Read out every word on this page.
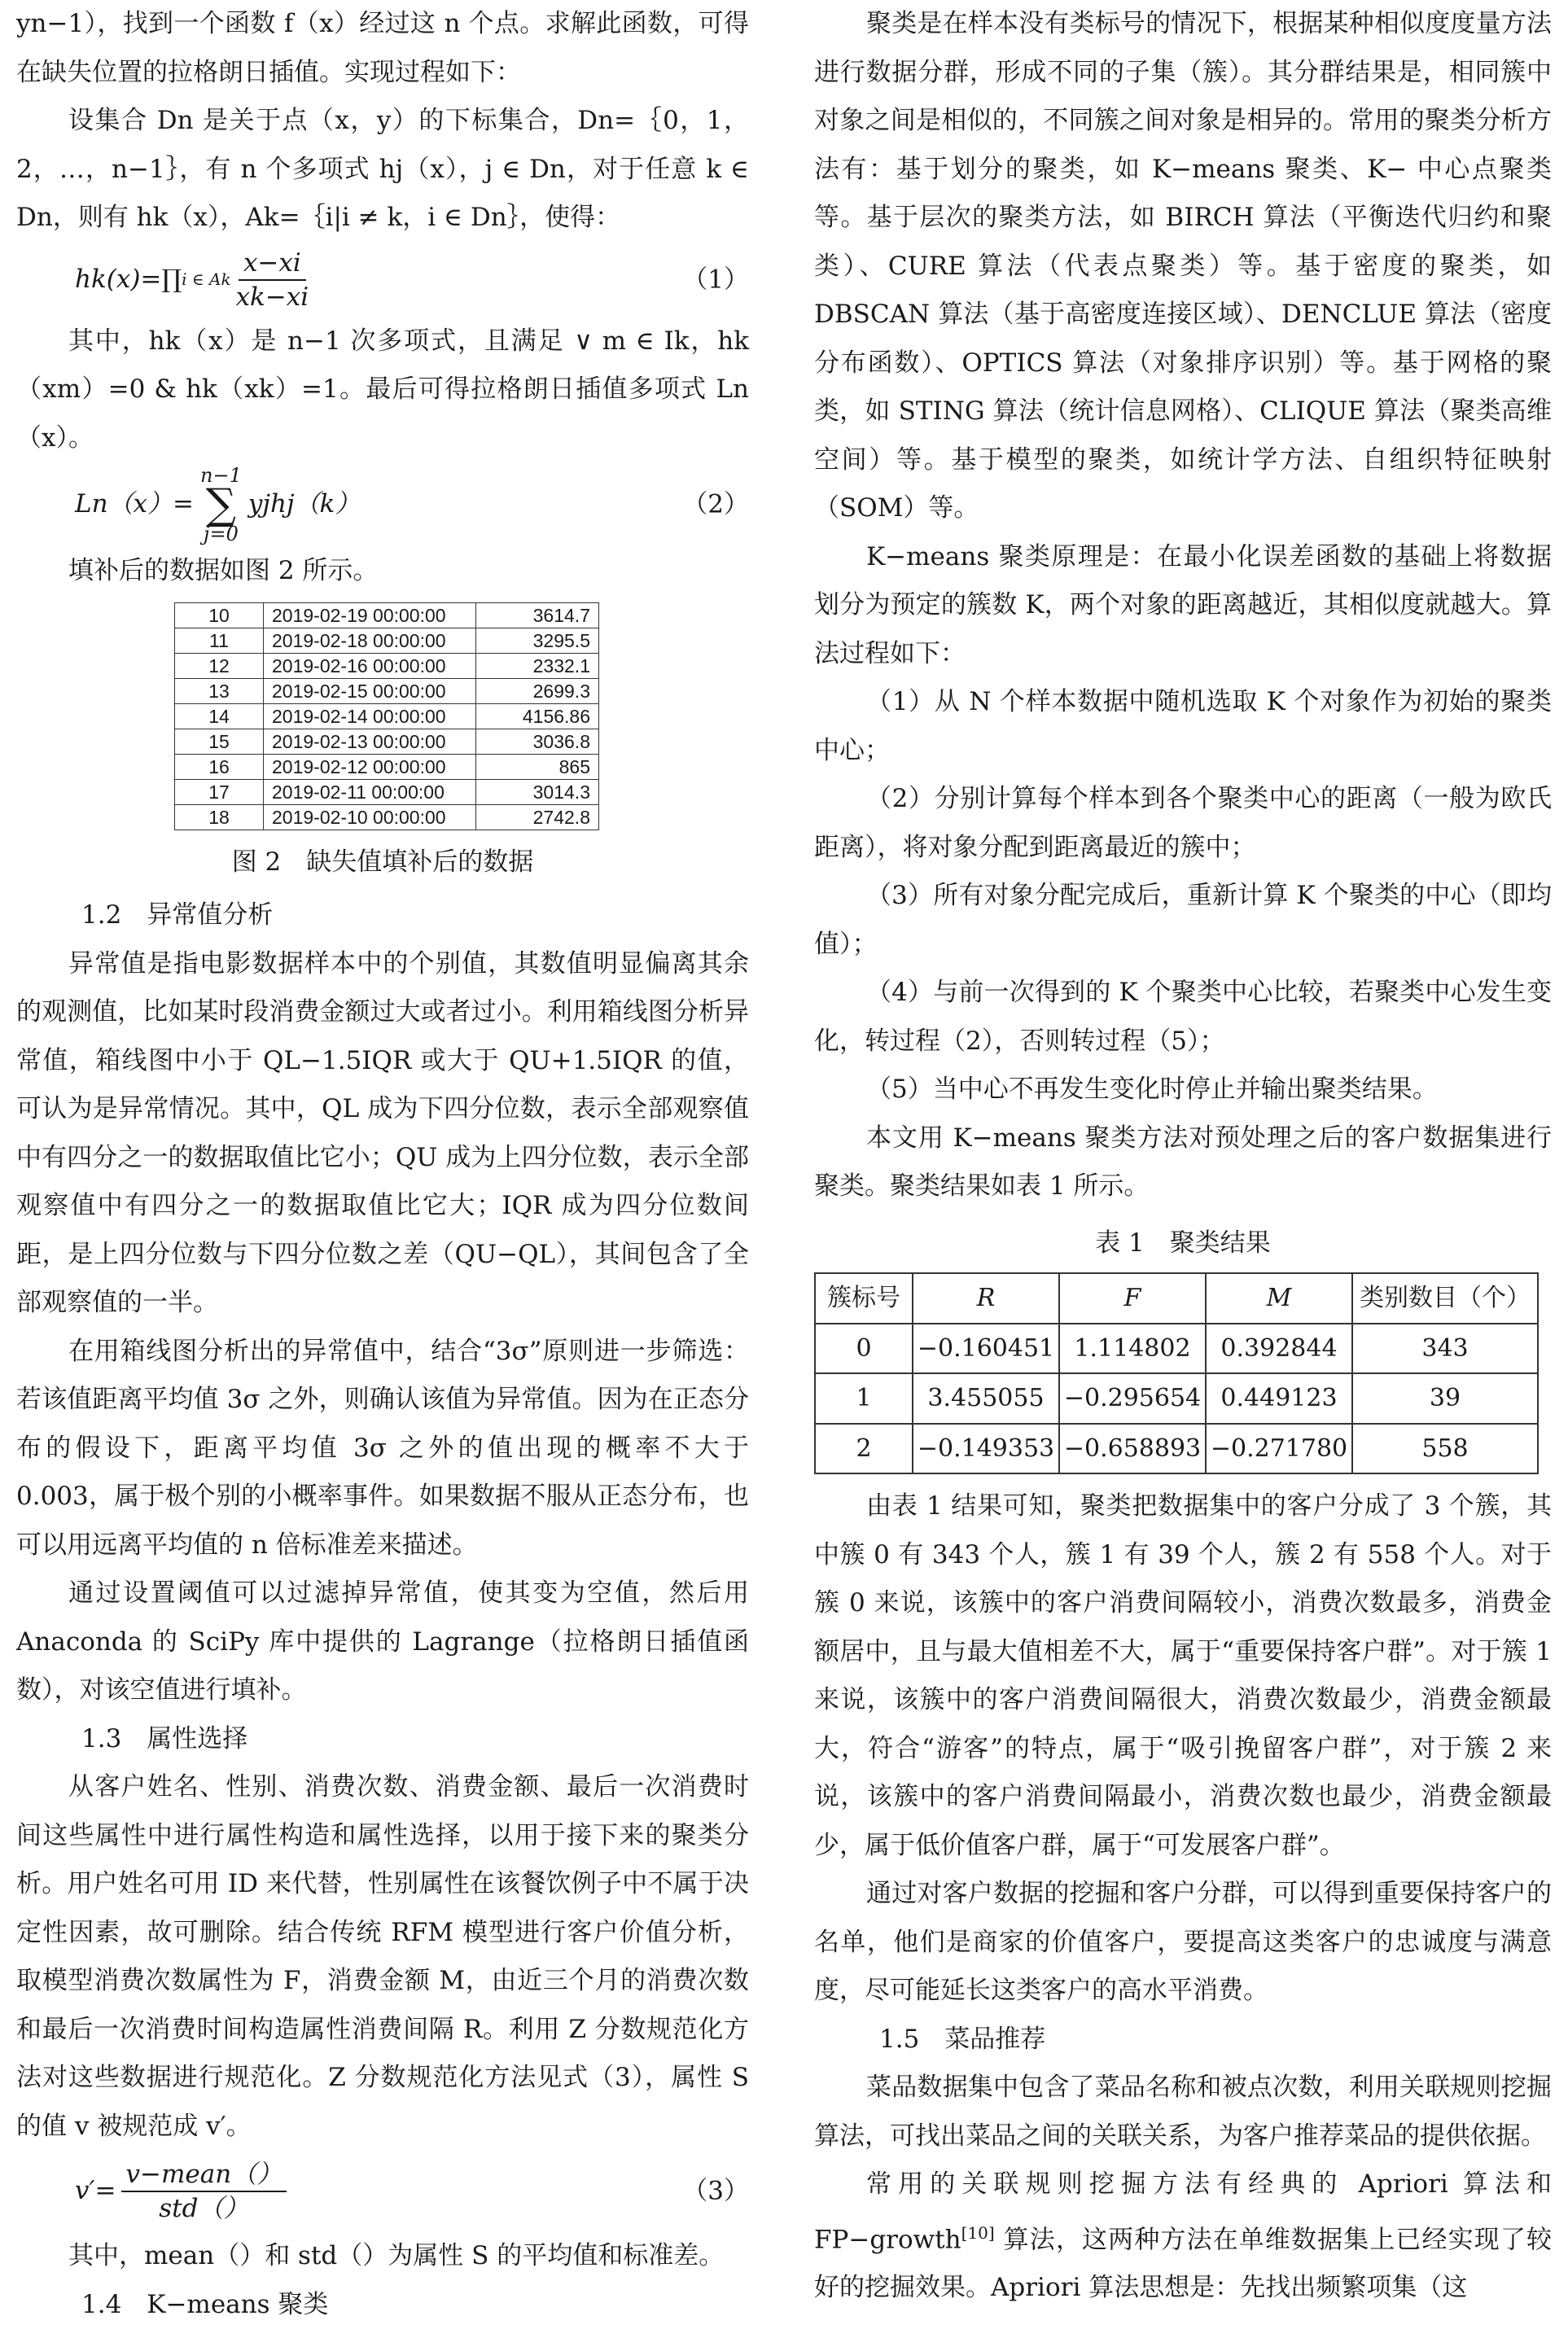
yn−1），找到一个函数 f（x）经过这 n 个点。求解此函数，可得在缺失位置的拉格朗日插值。实现过程如下：

设集合 Dn 是关于点（x，y）的下标集合，Dn=｛0，1，2，…，n−1｝，有 n 个多项式 hj（x），j ∈ Dn，对于任意 k ∈ Dn，则有 hk（x），Ak=｛i|i ≠ k，i ∈ Dn｝，使得：

hk(x)=∏ i ∈ Ak $\frac{x-xi}{xk-xi}$	（1）

其中，hk（x）是 n−1 次多项式，且满足 ∨ m ∈ Ik，hk（xm）=0 & hk（xk）=1。最后可得拉格朗日插值多项式 Ln（x）。

Ln（x）=
n−1
∑
j=0
yjhj（k）	（2）

填补后的数据如图 2 所示。

10	2019-02-19 00:00:00	3614.7
11	2019-02-18 00:00:00	3295.5
12	2019-02-16 00:00:00	2332.1
13	2019-02-15 00:00:00	2699.3
14	2019-02-14 00:00:00	4156.86
15	2019-02-13 00:00:00	3036.8
16	2019-02-12 00:00:00	865
17	2019-02-11 00:00:00	3014.3
18	2019-02-10 00:00:00	2742.8

图 2　缺失值填补后的数据

1.2　异常值分析

异常值是指电影数据样本中的个别值，其数值明显偏离其余的观测值，比如某时段消费金额过大或者过小。利用箱线图分析异常值，箱线图中小于 QL−1.5IQR 或大于 QU+1.5IQR 的值，可认为是异常情况。其中，QL 成为下四分位数，表示全部观察值中有四分之一的数据取值比它小；QU 成为上四分位数，表示全部观察值中有四分之一的数据取值比它大；IQR 成为四分位数间距，是上四分位数与下四分位数之差（QU−QL），其间包含了全部观察值的一半。

在用箱线图分析出的异常值中，结合“3σ”原则进一步筛选：若该值距离平均值 3σ 之外，则确认该值为异常值。因为在正态分布的假设下，距离平均值 3σ 之外的值出现的概率不大于 0.003，属于极个别的小概率事件。如果数据不服从正态分布，也可以用远离平均值的 n 倍标准差来描述。

通过设置阈值可以过滤掉异常值，使其变为空值，然后用 Anaconda 的 SciPy 库中提供的 Lagrange（拉格朗日插值函数），对该空值进行填补。

1.3　属性选择

从客户姓名、性别、消费次数、消费金额、最后一次消费时间这些属性中进行属性构造和属性选择，以用于接下来的聚类分析。用户姓名可用 ID 来代替，性别属性在该餐饮例子中不属于决定性因素，故可删除。结合传统 RFM 模型进行客户价值分析，取模型消费次数属性为 F，消费金额 M，由近三个月的消费次数和最后一次消费时间构造属性消费间隔 R。利用 Z 分数规范化方法对这些数据进行规范化。Z 分数规范化方法见式（3），属性 S 的值 v 被规范成 v′。

$v'= \frac{\text{v−mean（）}}{\text{std（）}}$	（3）

其中，mean（）和 std（）为属性 S 的平均值和标准差。

1.4　K−means 聚类

聚类是在样本没有类标号的情况下，根据某种相似度度量方法进行数据分群，形成不同的子集（簇）。其分群结果是，相同簇中对象之间是相似的，不同簇之间对象是相异的。常用的聚类分析方法有：基于划分的聚类，如 K−means 聚类、K− 中心点聚类等。基于层次的聚类方法，如 BIRCH 算法（平衡迭代归约和聚类）、CURE 算法（代表点聚类）等。基于密度的聚类，如 DBSCAN 算法（基于高密度连接区域）、DENCLUE 算法（密度分布函数）、OPTICS 算法（对象排序识别）等。基于网格的聚类，如 STING 算法（统计信息网格）、CLIQUE 算法（聚类高维空间）等。基于模型的聚类，如统计学方法、自组织特征映射（SOM）等。

K−means 聚类原理是：在最小化误差函数的基础上将数据划分为预定的簇数 K，两个对象的距离越近，其相似度就越大。算法过程如下：

（1）从 N 个样本数据中随机选取 K 个对象作为初始的聚类中心；

（2）分别计算每个样本到各个聚类中心的距离（一般为欧氏距离），将对象分配到距离最近的簇中；

（3）所有对象分配完成后，重新计算 K 个聚类的中心（即均值）；

（4）与前一次得到的 K 个聚类中心比较，若聚类中心发生变化，转过程（2），否则转过程（5）；

（5）当中心不再发生变化时停止并输出聚类结果。

本文用 K−means 聚类方法对预处理之后的客户数据集进行聚类。聚类结果如表 1 所示。

表 1　聚类结果

簇标号	R	F	M	类别数目（个）
0	−0.160451	1.114802	0.392844	343
1	3.455055	−0.295654	0.449123	39
2	−0.149353	−0.658893	−0.271780	558

由表 1 结果可知，聚类把数据集中的客户分成了 3 个簇，其中簇 0 有 343 个人，簇 1 有 39 个人，簇 2 有 558 个人。对于簇 0 来说，该簇中的客户消费间隔较小，消费次数最多，消费金额居中，且与最大值相差不大，属于“重要保持客户群”。对于簇 1 来说，该簇中的客户消费间隔很大，消费次数最少，消费金额最大，符合“游客”的特点，属于“吸引挽留客户群”，对于簇 2 来说，该簇中的客户消费间隔最小，消费次数也最少，消费金额最少，属于低价值客户群，属于“可发展客户群”。

通过对客户数据的挖掘和客户分群，可以得到重要保持客户的名单，他们是商家的价值客户，要提高这类客户的忠诚度与满意度，尽可能延长这类客户的高水平消费。

1.5　菜品推荐

菜品数据集中包含了菜品名称和被点次数，利用关联规则挖掘算法，可找出菜品之间的关联关系，为客户推荐菜品的提供依据。

常用的关联规则挖掘方法有经典的 Apriori 算法和 FP−growth[10] 算法，这两种方法在单维数据集上已经实现了较好的挖掘效果。Apriori 算法思想是：先找出频繁项集（这
